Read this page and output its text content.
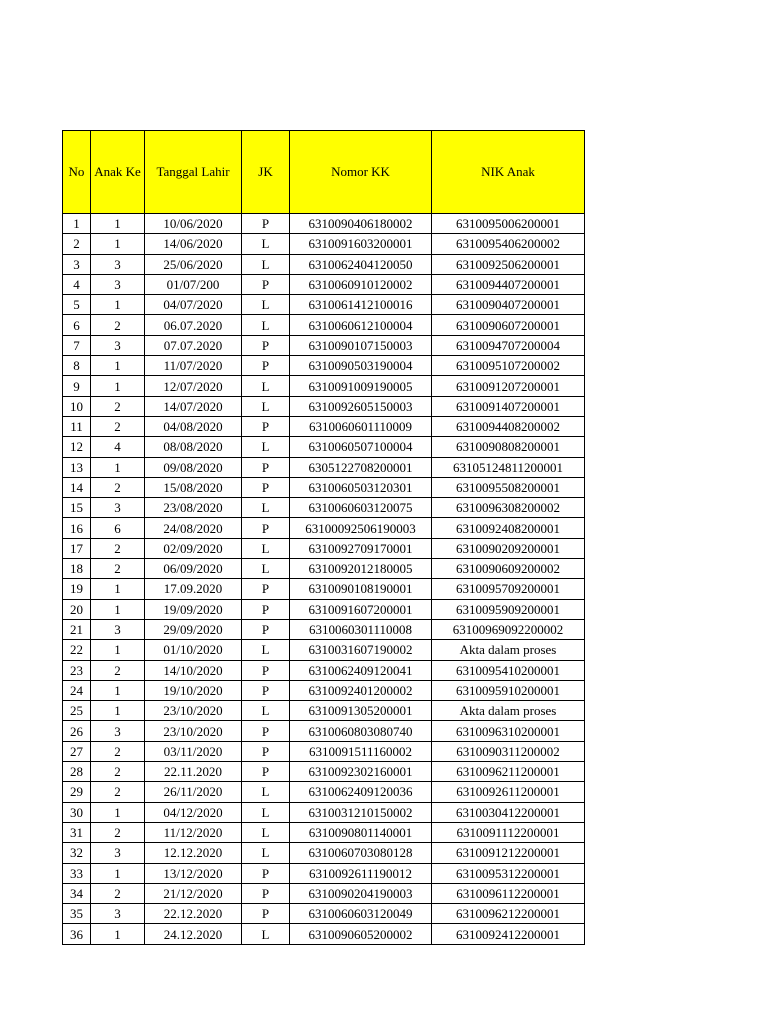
No	Anak Ke	Tanggal Lahir	JK	Nomor KK	NIK Anak
1	1	10/06/2020	P	6310090406180002	6310095006200001
2	1	14/06/2020	L	6310091603200001	6310095406200002
3	3	25/06/2020	L	6310062404120050	6310092506200001
4	3	01/07/200	P	6310060910120002	6310094407200001
5	1	04/07/2020	L	6310061412100016	6310090407200001
6	2	06.07.2020	L	6310060612100004	6310090607200001
7	3	07.07.2020	P	6310090107150003	6310094707200004
8	1	11/07/2020	P	6310090503190004	6310095107200002
9	1	12/07/2020	L	6310091009190005	6310091207200001
10	2	14/07/2020	L	6310092605150003	6310091407200001
11	2	04/08/2020	P	6310060601110009	6310094408200002
12	4	08/08/2020	L	6310060507100004	6310090808200001
13	1	09/08/2020	P	6305122708200001	63105124811200001
14	2	15/08/2020	P	6310060503120301	6310095508200001
15	3	23/08/2020	L	6310060603120075	6310096308200002
16	6	24/08/2020	P	63100092506190003	6310092408200001
17	2	02/09/2020	L	6310092709170001	6310090209200001
18	2	06/09/2020	L	6310092012180005	6310090609200002
19	1	17.09.2020	P	6310090108190001	6310095709200001
20	1	19/09/2020	P	6310091607200001	6310095909200001
21	3	29/09/2020	P	6310060301110008	63100969092200002
22	1	01/10/2020	L	6310031607190002	Akta dalam proses
23	2	14/10/2020	P	6310062409120041	6310095410200001
24	1	19/10/2020	P	6310092401200002	6310095910200001
25	1	23/10/2020	L	6310091305200001	Akta dalam proses
26	3	23/10/2020	P	6310060803080740	6310096310200001
27	2	03/11/2020	P	6310091511160002	6310090311200002
28	2	22.11.2020	P	6310092302160001	6310096211200001
29	2	26/11/2020	L	6310062409120036	6310092611200001
30	1	04/12/2020	L	6310031210150002	6310030412200001
31	2	11/12/2020	L	6310090801140001	6310091112200001
32	3	12.12.2020	L	6310060703080128	6310091212200001
33	1	13/12/2020	P	6310092611190012	6310095312200001
34	2	21/12/2020	P	6310090204190003	6310096112200001
35	3	22.12.2020	P	6310060603120049	6310096212200001
36	1	24.12.2020	L	6310090605200002	6310092412200001
